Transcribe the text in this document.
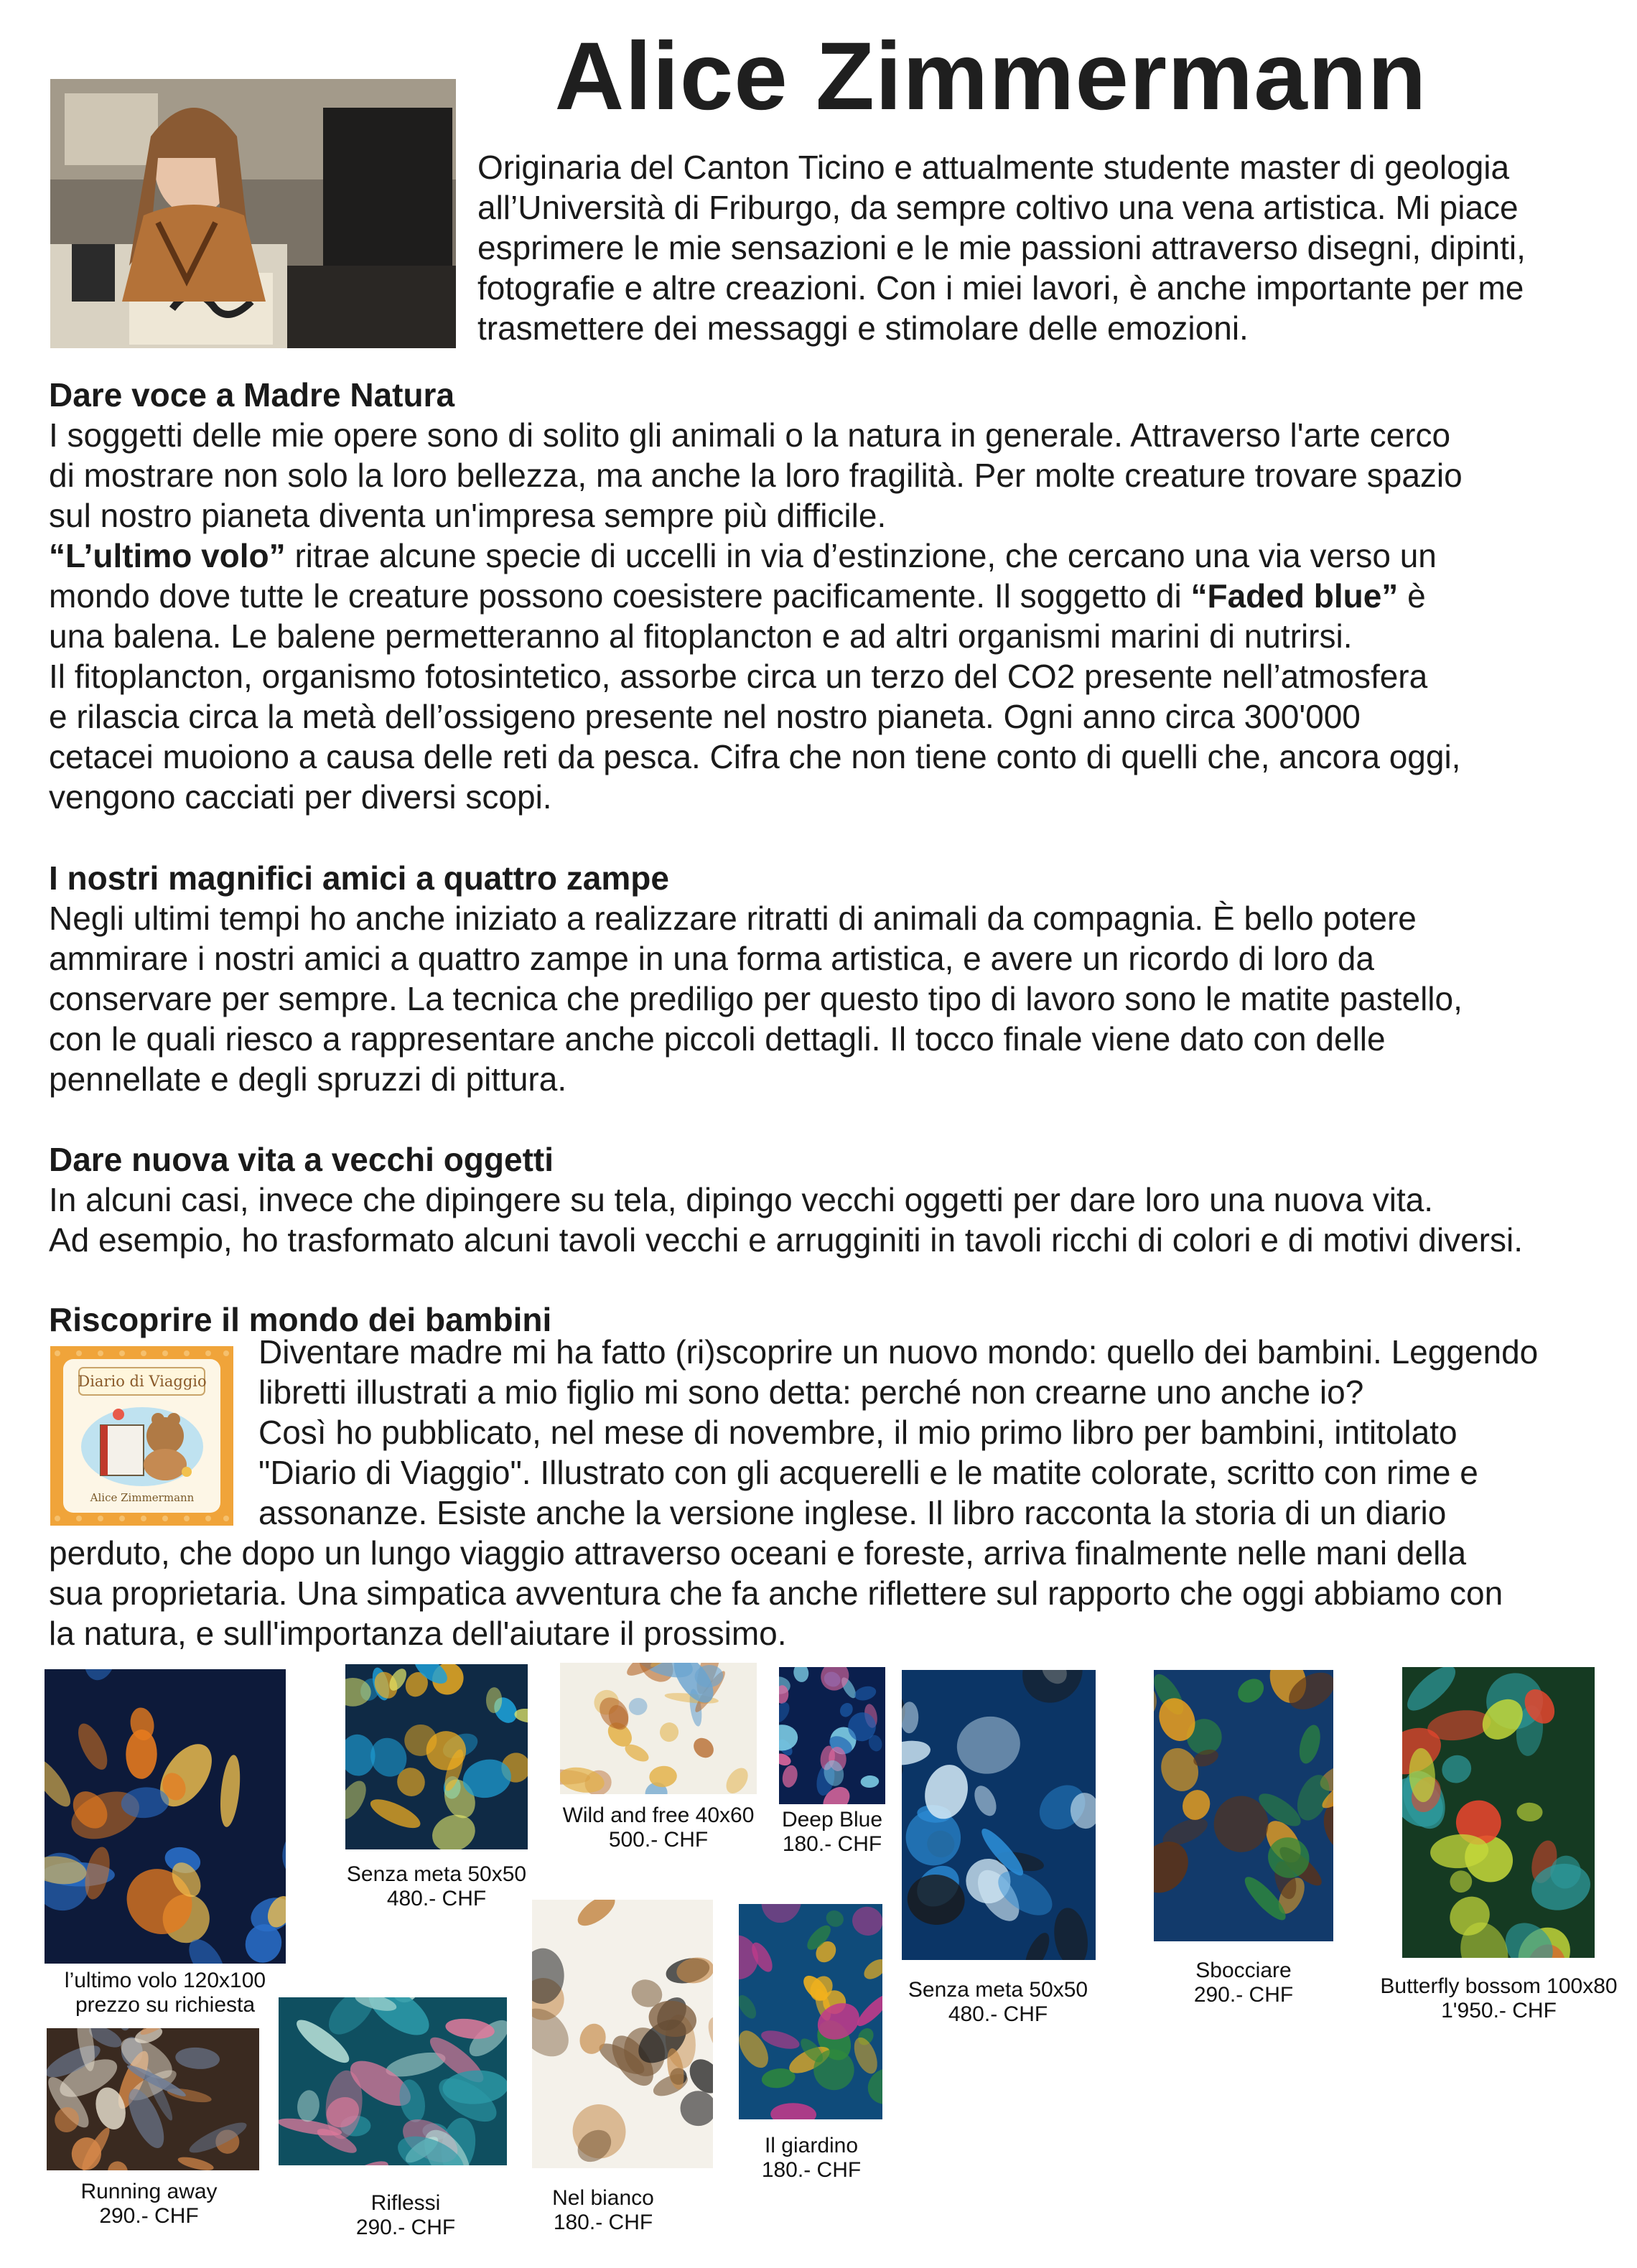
Alice Zimmermann
Originaria del Canton Ticino e attualmente studente master di geologia
all’Università di Friburgo, da sempre coltivo una vena artistica. Mi piace
esprimere le mie sensazioni e le mie passioni attraverso disegni, dipinti,
fotografie e altre creazioni. Con i miei lavori, è anche importante per me
trasmettere dei messaggi e stimolare delle emozioni.
Dare voce a Madre Natura
I soggetti delle mie opere sono di solito gli animali o la natura in generale. Attraverso l'arte cerco
di mostrare non solo la loro bellezza, ma anche la loro fragilità. Per molte creature trovare spazio
sul nostro pianeta diventa un'impresa sempre più difficile.
“L’ultimo volo” ritrae alcune specie di uccelli in via d’estinzione, che cercano una via verso un
mondo dove tutte le creature possono coesistere pacificamente. Il soggetto di “Faded blue” è
una balena. Le balene permetteranno al fitoplancton e ad altri organismi marini di nutrirsi.
Il fitoplancton, organismo fotosintetico, assorbe circa un terzo del CO2 presente nell’atmosfera
e rilascia circa la metà dell’ossigeno presente nel nostro pianeta. Ogni anno circa 300'000
cetacei muoiono a causa delle reti da pesca. Cifra che non tiene conto di quelli che, ancora oggi,
vengono cacciati per diversi scopi.
I nostri magnifici amici a quattro zampe
Negli ultimi tempi ho anche iniziato a realizzare ritratti di animali da compagnia. È bello potere
ammirare i nostri amici a quattro zampe in una forma artistica, e avere un ricordo di loro da
conservare per sempre. La tecnica che prediligo per questo tipo di lavoro sono le matite pastello,
con le quali riesco a rappresentare anche piccoli dettagli. Il tocco finale viene dato con delle
pennellate e degli spruzzi di pittura.
Dare nuova vita a vecchi oggetti
In alcuni casi, invece che dipingere su tela, dipingo vecchi oggetti per dare loro una nuova vita.
Ad esempio, ho trasformato alcuni tavoli vecchi e arrugginiti in tavoli ricchi di colori e di motivi diversi.
Riscoprire il mondo dei bambini
Diario di Viaggio
Alice Zimmermann
Diventare madre mi ha fatto (ri)scoprire un nuovo mondo: quello dei bambini. Leggendo
libretti illustrati a mio figlio mi sono detta: perché non crearne uno anche io?
Così ho pubblicato, nel mese di novembre, il mio primo libro per bambini, intitolato
"Diario di Viaggio". Illustrato con gli acquerelli e le matite colorate, scritto con rime e
assonanze. Esiste anche la versione inglese. Il libro racconta la storia di un diario
perduto, che dopo un lungo viaggio attraverso oceani e foreste, arriva finalmente nelle mani della
sua proprietaria. Una simpatica avventura che fa anche riflettere sul rapporto che oggi abbiamo con
la natura, e sull'importanza dell'aiutare il prossimo.
l’ultimo volo 120x100
prezzo su richiesta
Senza meta 50x50
480.- CHF
Wild and free 40x60
500.- CHF
Deep Blue
180.- CHF
Senza meta 50x50
480.- CHF
Sbocciare
290.- CHF	Butterfly bossom 100x80
1'950.- CHF
Running away
290.- CHF
Riflessi
290.- CHF
Nel bianco
180.- CHF
Il giardino
180.- CHF
